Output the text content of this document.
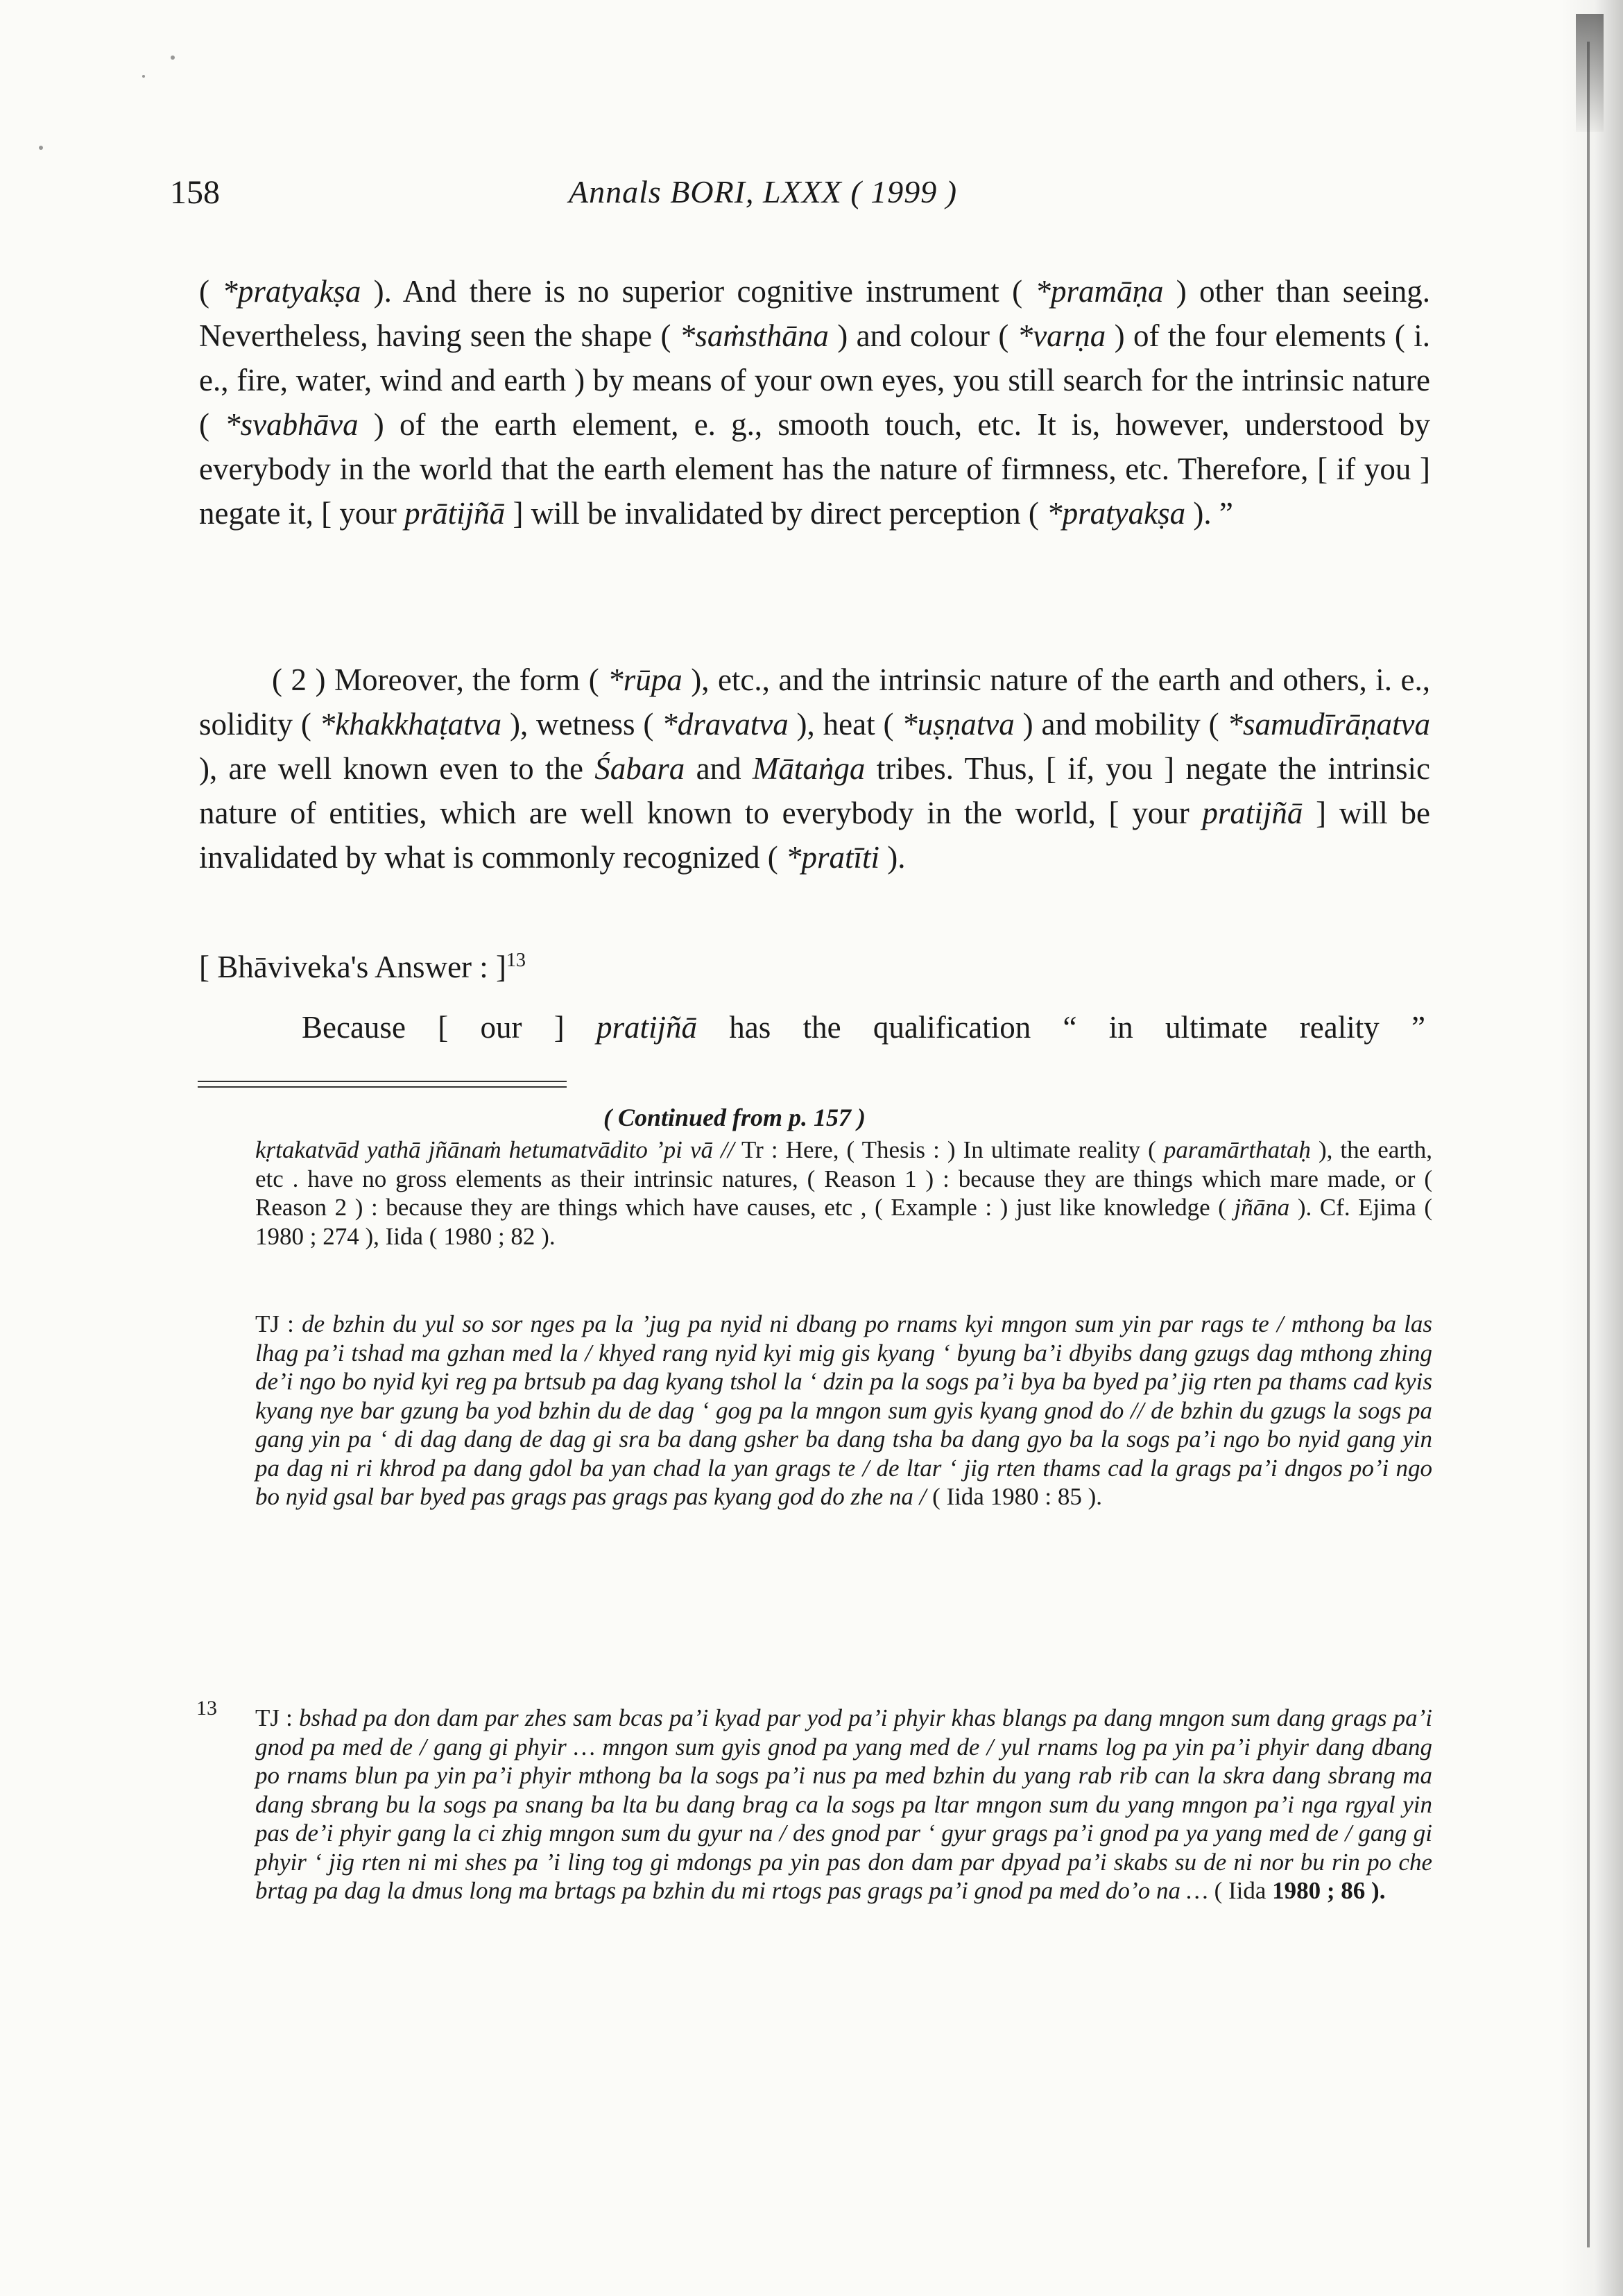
158	Annals BORI, LXXX ( 1999 )

( *pratyakṣa ). And there is no superior cognitive instrument ( *pramāṇa ) other than seeing. Nevertheless, having seen the shape ( *saṁsthāna ) and colour ( *varṇa ) of the four elements ( i. e., fire, water, wind and earth ) by means of your own eyes, you still search for the intrinsic nature ( *svabhāva ) of the earth element, e. g., smooth touch, etc. It is, however, understood by everybody in the world that the earth element has the nature of firmness, etc. Therefore, [ if you ] negate it, [ your prātijñā ] will be invalidated by direct perception ( *pratyakṣa ). ”

( 2 ) Moreover, the form ( *rūpa ), etc., and the intrinsic nature of the earth and others, i. e., solidity ( *khakkhaṭatva ), wetness ( *dravatva ), heat ( *uṣṇatva ) and mobility ( *samudīrāṇatva ), are well known even to the Śabara and Mātaṅga tribes. Thus, [ if, you ] negate the intrinsic nature of entities, which are well known to everybody in the world, [ your pratijñā ] will be invalidated by what is commonly recognized ( *pratīti ).

[ Bhāviveka's Answer : ]$^{13}$
Because [ our ] pratijñā has the qualification “ in ultimate reality ”
( Continued from p. 157 )

kṛtakatvād yathā jñānaṁ hetumatvādito ’pi vā // Tr : Here, ( Thesis : ) In ultimate reality ( paramārthataḥ ), the earth, etc . have no gross elements as their intrinsic natures, ( Reason 1 ) : because they are things which mare made, or ( Reason 2 ) : because they are things which have causes, etc , ( Example : ) just like knowledge ( jñāna ). Cf. Ejima ( 1980 ; 274 ), Iida ( 1980 ; 82 ).

TJ : de bzhin du yul so sor nges pa la ’jug pa nyid ni dbang po rnams kyi mngon sum yin par rags te / mthong ba las lhag pa’i tshad ma gzhan med la / khyed rang nyid kyi mig gis kyang ‘ byung ba’i dbyibs dang gzugs dag mthong zhing de’i ngo bo nyid kyi reg pa brtsub pa dag kyang tshol la ‘ dzin pa la sogs pa’i bya ba byed pa’ jig rten pa thams cad kyis kyang nye bar gzung ba yod bzhin du de dag ‘ gog pa la mngon sum gyis kyang gnod do // de bzhin du gzugs la sogs pa gang yin pa ‘ di dag dang de dag gi sra ba dang gsher ba dang tsha ba dang gyo ba la sogs pa’i ngo bo nyid gang yin pa dag ni ri khrod pa dang gdol ba yan chad la yan grags te / de ltar ‘ jig rten thams cad la grags pa’i dngos po’i ngo bo nyid gsal bar byed pas grags pas grags pas kyang god do zhe na / ( Iida 1980 : 85 ).

13 TJ : bshad pa don dam par zhes sam bcas pa’i kyad par yod pa’i phyir khas blangs pa dang mngon sum dang grags pa’i gnod pa med de / gang gi phyir … mngon sum gyis gnod pa yang med de / yul rnams log pa yin pa’i phyir dang dbang po rnams blun pa yin pa’i phyir mthong ba la sogs pa’i nus pa med bzhin du yang rab rib can la skra dang sbrang ma dang sbrang bu la sogs pa snang ba lta bu dang brag ca la sogs pa ltar mngon sum du yang mngon pa’i nga rgyal yin pas de’i phyir gang la ci zhig mngon sum du gyur na / des gnod par ‘ gyur grags pa’i gnod pa ya yang med de / gang gi phyir ‘ jig rten ni mi shes pa ’i ling tog gi mdongs pa yin pas don dam par dpyad pa’i skabs su de ni nor bu rin po che brtag pa dag la dmus long ma brtags pa bzhin du mi rtogs pas grags pa’i gnod pa med do’o na … ( Iida 1980 ; 86 ).
